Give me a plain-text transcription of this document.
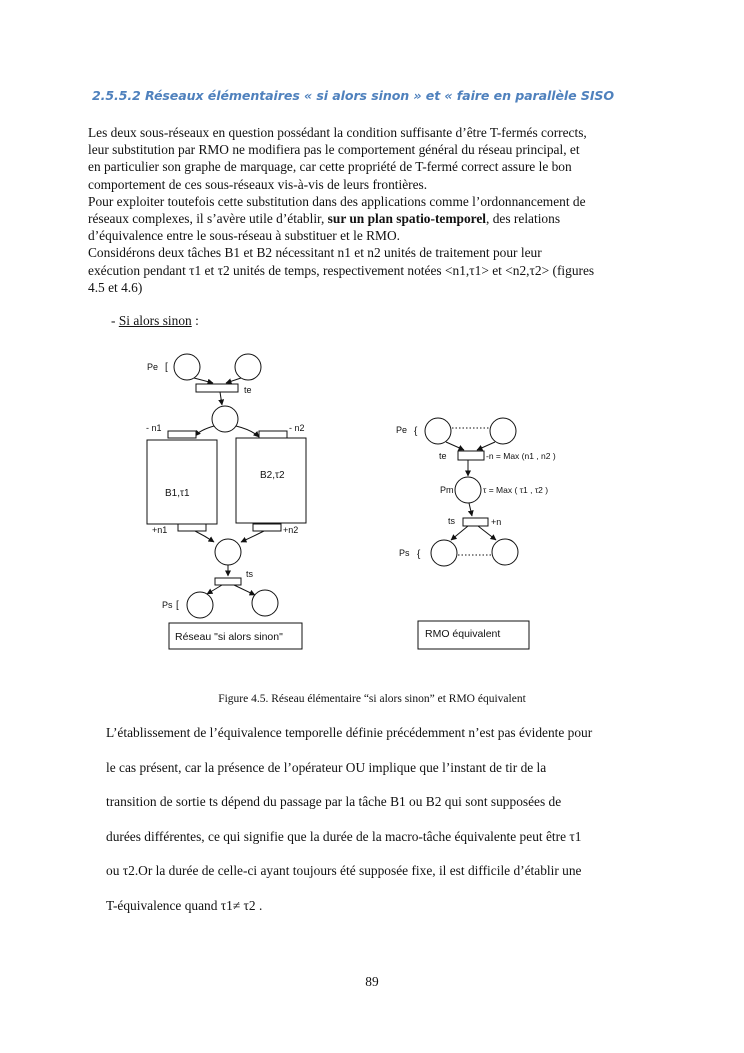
2.5.5.2 Réseaux élémentaires « si alors sinon » et « faire en parallèle SISO

Les deux sous-réseaux en question possédant la condition suffisante d’être T-fermés corrects,

leur substitution par RMO ne modifiera pas le comportement général du réseau principal, et

en particulier son graphe de marquage, car cette propriété de T-fermé correct assure le bon

comportement de ces sous-réseaux vis-à-vis de leurs frontières.

Pour exploiter toutefois cette substitution dans des applications comme l’ordonnancement de

réseaux complexes, il s’avère utile d’établir, sur un plan spatio-temporel, des relations

d’équivalence entre le sous-réseau à substituer et le RMO.

Considérons deux tâches B1 et B2 nécessitant n1 et n2 unités de traitement pour leur

exécution pendant τ1 et τ2 unités de temps, respectivement notées <n1,τ1> et <n2,τ2> (figures

4.5 et 4.6)

- Si alors sinon :
Pe [
te
- n1	- n2
B1,τ1
B2,τ2
+n1	+n2
ts
Ps [
Réseau "si alors sinon"
Pe {
te	-n = Max (n1 , n2 )
Pm	τ = Max ( τ1 , τ2 )
ts	+n
Ps {
RMO équivalent
Figure 4.5. Réseau élémentaire “si alors sinon” et RMO équivalent
L’établissement de l’équivalence temporelle définie précédemment n’est pas évidente pour
le cas présent, car la présence de l’opérateur OU implique que l’instant de tir de la
transition de sortie ts dépend du passage par la tâche B1 ou B2 qui sont supposées de
durées différentes, ce qui signifie que la durée de la macro-tâche équivalente peut être τ1
ou τ2.Or la durée de celle-ci ayant toujours été supposée fixe, il est difficile d’établir une
T-équivalence quand τ1≠ τ2 .
89
